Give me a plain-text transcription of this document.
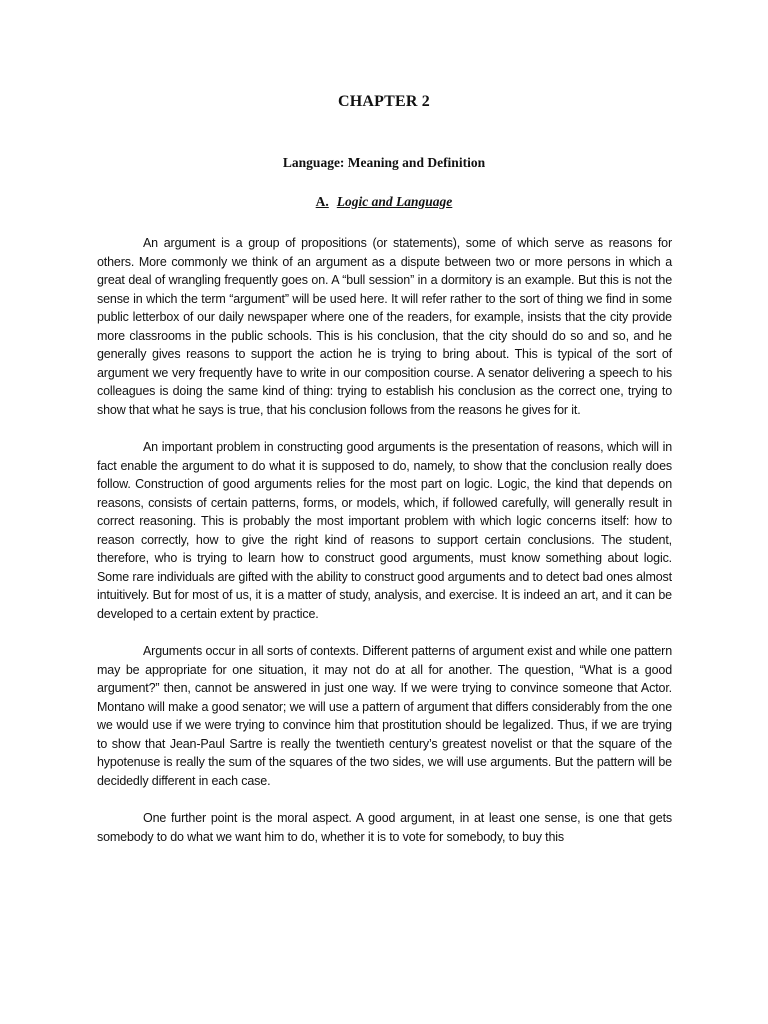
CHAPTER 2
Language: Meaning and Definition
A. Logic and Language

An argument is a group of propositions (or statements), some of which serve as reasons for others. More commonly we think of an argument as a dispute between two or more persons in which a great deal of wrangling frequently goes on. A “bull session” in a dormitory is an example. But this is not the sense in which the term “argument” will be used here. It will refer rather to the sort of thing we find in some public letterbox of our daily newspaper where one of the readers, for example, insists that the city provide more classrooms in the public schools. This is his conclusion, that the city should do so and so, and he generally gives reasons to support the action he is trying to bring about. This is typical of the sort of argument we very frequently have to write in our composition course. A senator delivering a speech to his colleagues is doing the same kind of thing: trying to establish his conclusion as the correct one, trying to show that what he says is true, that his conclusion follows from the reasons he gives for it.

An important problem in constructing good arguments is the presentation of reasons, which will in fact enable the argument to do what it is supposed to do, namely, to show that the conclusion really does follow. Construction of good arguments relies for the most part on logic. Logic, the kind that depends on reasons, consists of certain patterns, forms, or models, which, if followed carefully, will generally result in correct reasoning. This is probably the most important problem with which logic concerns itself: how to reason correctly, how to give the right kind of reasons to support certain conclusions. The student, therefore, who is trying to learn how to construct good arguments, must know something about logic. Some rare individuals are gifted with the ability to construct good arguments and to detect bad ones almost intuitively. But for most of us, it is a matter of study, analysis, and exercise. It is indeed an art, and it can be developed to a certain extent by practice.

Arguments occur in all sorts of contexts. Different patterns of argument exist and while one pattern may be appropriate for one situation, it may not do at all for another. The question, “What is a good argument?” then, cannot be answered in just one way. If we were trying to convince someone that Actor. Montano will make a good senator; we will use a pattern of argument that differs considerably from the one we would use if we were trying to convince him that prostitution should be legalized. Thus, if we are trying to show that Jean-Paul Sartre is really the twentieth century’s greatest novelist or that the square of the hypotenuse is really the sum of the squares of the two sides, we will use arguments. But the pattern will be decidedly different in each case.

One further point is the moral aspect. A good argument, in at least one sense, is one that gets somebody to do what we want him to do, whether it is to vote for somebody, to buy this
